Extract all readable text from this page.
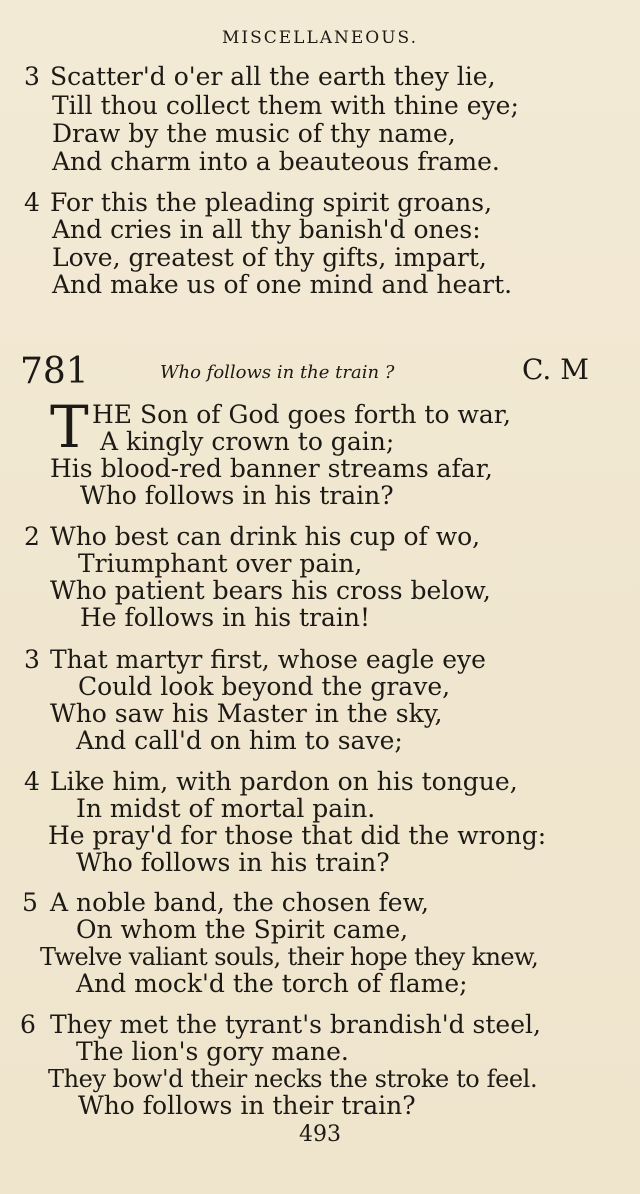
MISCELLANEOUS.
3 Scatter'd o'er all the earth they lie,
Till thou collect them with thine eye;
Draw by the music of thy name,
And charm into a beauteous frame.
4 For this the pleading spirit groans,
And cries in all thy banish'd ones:
Love, greatest of thy gifts, impart,
And make us of one mind and heart.
781	Who follows in the train ?	C. M
T HE Son of God goes forth to war,
A kingly crown to gain;
His blood-red banner streams afar,
Who follows in his train?
2 Who best can drink his cup of wo,
Triumphant over pain,
Who patient bears his cross below,
He follows in his train!
3 That martyr first, whose eagle eye
Could look beyond the grave,
Who saw his Master in the sky,
And call'd on him to save;
4 Like him, with pardon on his tongue,
In midst of mortal pain.
He pray'd for those that did the wrong:
Who follows in his train?
5 A noble band, the chosen few,
On whom the Spirit came,
Twelve valiant souls, their hope they knew,
And mock'd the torch of flame;
6 They met the tyrant's brandish'd steel,
The lion's gory mane.
They bow'd their necks the stroke to feel.
Who follows in their train?
493
